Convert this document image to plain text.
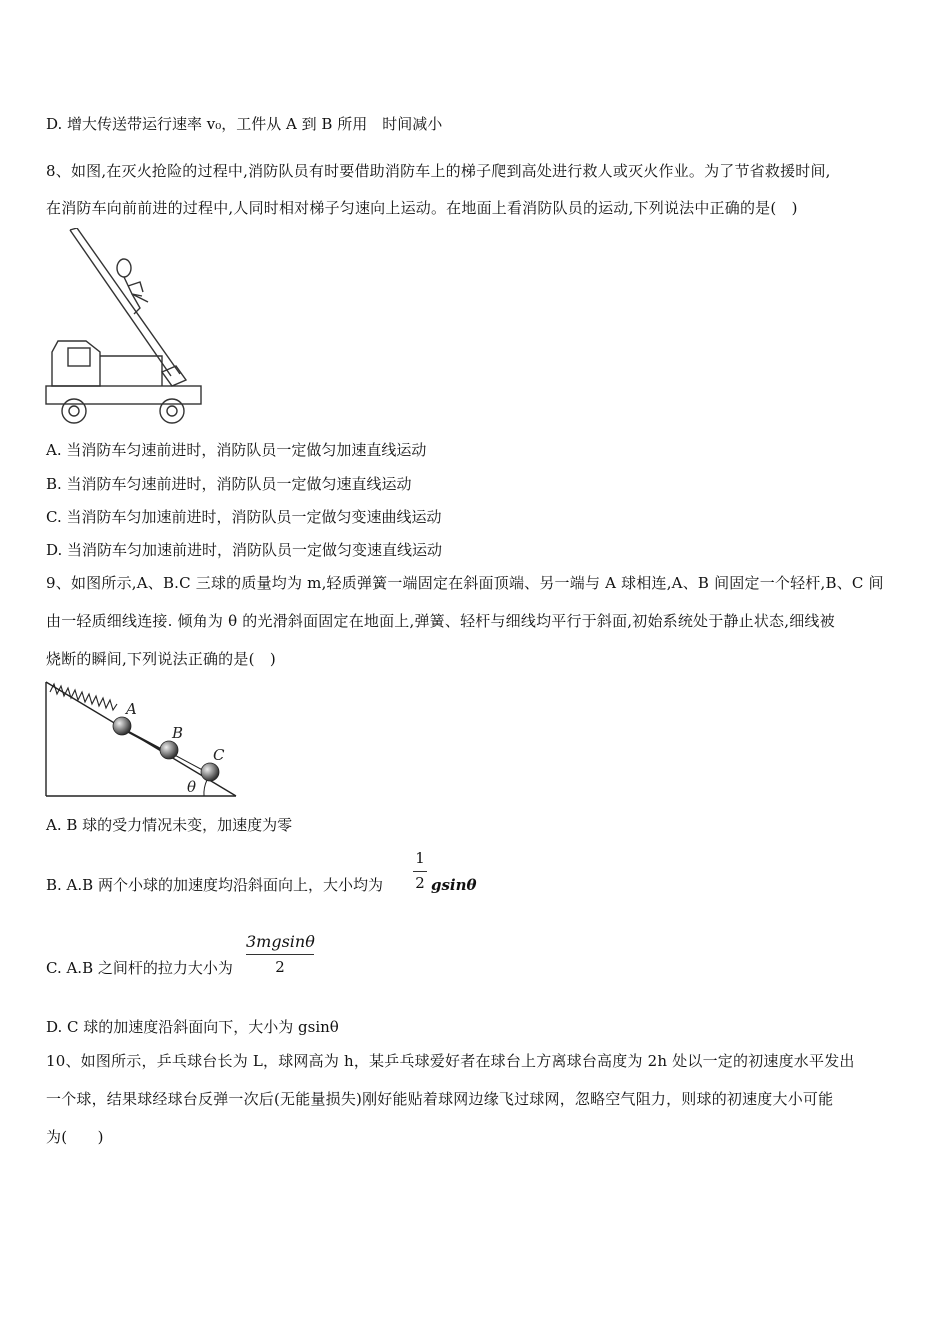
D. 增大传送带运行速率 v₀，工件从 A 到 B 所用　时间减小
8、如图,在灭火抢险的过程中,消防队员有时要借助消防车上的梯子爬到高处进行救人或灭火作业。为了节省救援时间,
在消防车向前前进的过程中,人同时相对梯子匀速向上运动。在地面上看消防队员的运动,下列说法中正确的是(　)
A. 当消防车匀速前进时，消防队员一定做匀加速直线运动
B. 当消防车匀速前进时，消防队员一定做匀速直线运动
C. 当消防车匀加速前进时，消防队员一定做匀变速曲线运动
D. 当消防车匀加速前进时，消防队员一定做匀变速直线运动
9、如图所示,A、B.C 三球的质量均为 m,轻质弹簧一端固定在斜面顶端、另一端与 A 球相连,A、B 间固定一个轻杆,B、C 间
由一轻质细线连接. 倾角为 θ 的光滑斜面固定在地面上,弹簧、轻杆与细线均平行于斜面,初始系统处于静止状态,细线被
烧断的瞬间,下列说法正确的是(　)
A
B
C
θ
A. B 球的受力情况未变，加速度为零
B. A.B 两个小球的加速度均沿斜面向上，大小均为
1
2 gsinθ
C. A.B 之间杆的拉力大小为
3mgsinθ
2
D. C 球的加速度沿斜面向下，大小为 gsinθ
10、如图所示，乒乓球台长为 L，球网高为 h，某乒乓球爱好者在球台上方离球台高度为 2h 处以一定的初速度水平发出
一个球，结果球经球台反弹一次后(无能量损失)刚好能贴着球网边缘飞过球网，忽略空气阻力，则球的初速度大小可能
为(　　)
